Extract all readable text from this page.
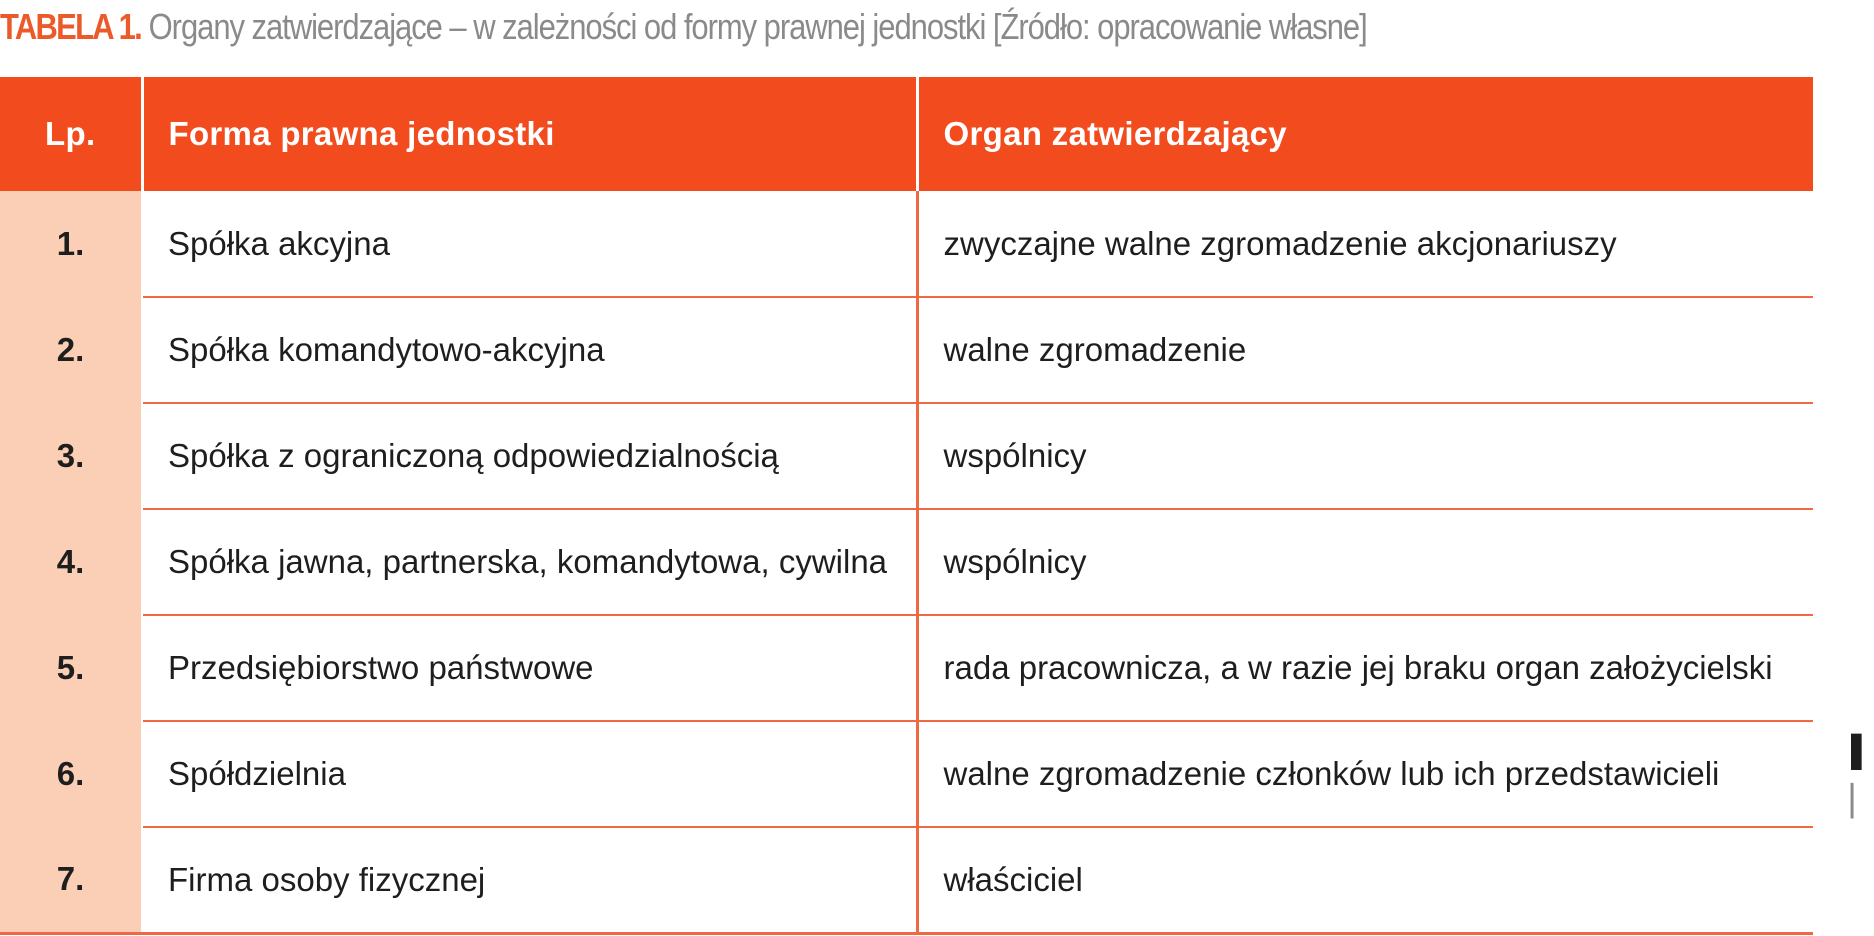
TABELA 1. Organy zatwierdzające – w zależności od formy prawnej jednostki [Źródło: opracowanie własne]
Lp.	Forma prawna jednostki	Organ zatwierdzający
1.	Spółka akcyjna	zwyczajne walne zgromadzenie akcjonariuszy
2.	Spółka komandytowo-akcyjna	walne zgromadzenie
3.	Spółka z ograniczoną odpowiedzialnością	wspólnicy
4.	Spółka jawna, partnerska, komandytowa, cywilna	wspólnicy
5.	Przedsiębiorstwo państwowe	rada pracownicza, a w razie jej braku organ założycielski
6.	Spółdzielnia	walne zgromadzenie członków lub ich przedstawicieli
7.	Firma osoby fizycznej	właściciel
▌
▏
